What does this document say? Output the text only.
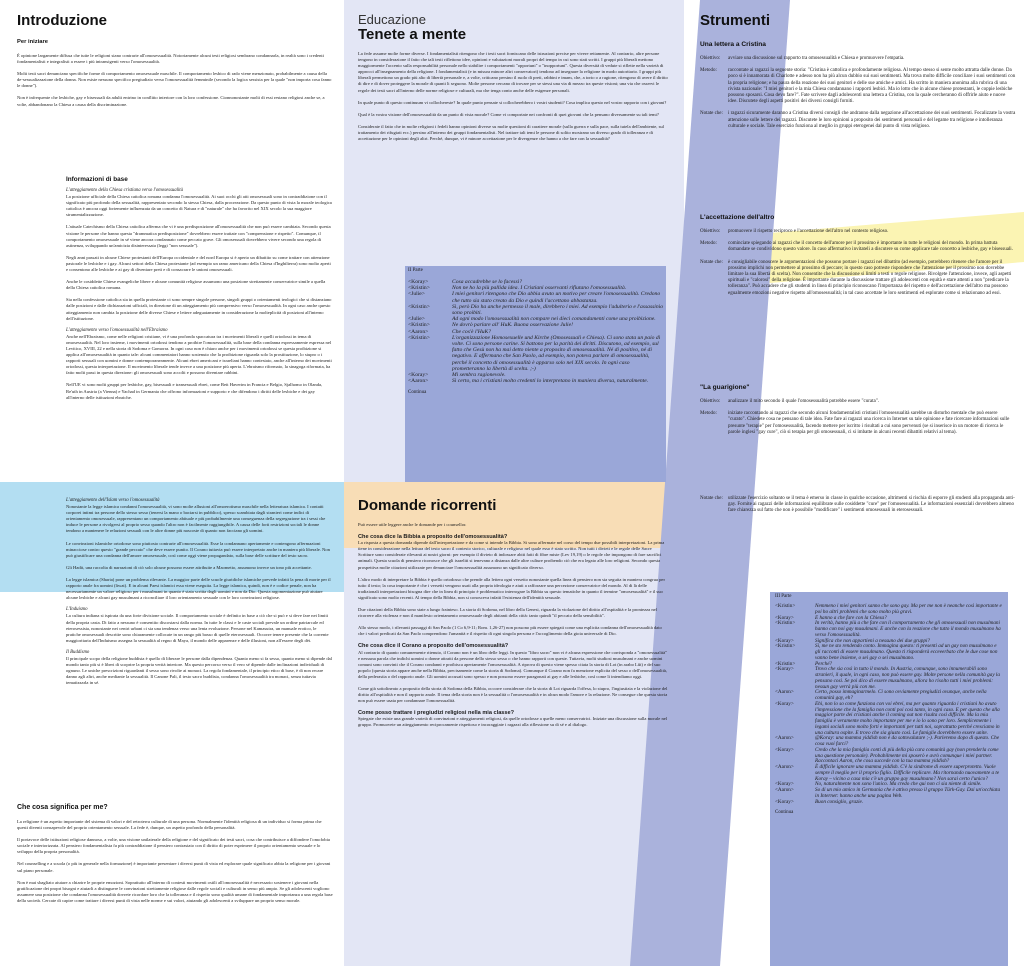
Introduzione
Per iniziare

È opinione largamente diffusa che tutte le religioni siano contrarie all'omosessualità. Notoriamente alcuni testi religiosi sembrano condannarla, in realtà sono i credenti fondamentalisti e integralisti a essere i più intransigenti verso l'omosessualità.

Molti testi sacri denunciano specifiche forme di comportamento omosessuale maschile. Il comportamento lesbico di rado viene menzionato, probabilmente a causa della de-sessualizzazione della donna. Non esiste nessuno specifico pregiudizio verso l'omosessualità femminile (secondo la logica sessista per la quale "non importa cosa fanno le donne").

Non è infrequente che lesbiche, gay e bisessuali da adulti entrino in conflitto interiore con la loro confessione. Cionnonostante molti di essi restano religiosi anche se, a volte, abbandonano la Chiesa a causa della discriminazione.

Informazioni di base
L'atteggiamento della Chiesa cristiana verso l'omosessualità

La posizione ufficiale della Chiesa cattolica romana condanna l'omosessualità. Ai suoi occhi gli atti omosessuali sono in contraddizione con il significato più profondo della sessualità, rappresentato secondo la stessa Chiesa, dalla procreazione. Da questo punto di vista la morale teologica cattolica è ancora oggi fortemente influenzata da un concetto di Natura e di "naturale" che ha favorito nel XIX secolo la sua maggiore strumentalizzazione.

L'attuale Catechismo della Chiesa cattolica afferma che vi è una predisposizione all'omosessualità che non può essere cambiata. Secondo questa visione le persone che hanno questa "drammatica predisposizione" dovrebbero essere trattate con "comprensione e rispetto". Comunque, il comportamento omosessuale in sé viene ancora condannato come peccato grave. Gli omosessuali dovrebbero vivere secondo una regola di astinenza, sviluppando un'amicizia disinteressata (leggi "non sessuale").

Negli anni passati in alcune Chiese protestanti dell'Europa occidentale e del nord Europa si è aperto un dibattito su come trattare con attenzione pastorale le lesbiche e i gay. Alcuni settori della Chiesa protestante (ad esempio un ramo americano della Chiesa d'Inghilterra) sono molto aperti e consentono alle lesbiche e ai gay di diventare preti e di consacrare le unioni omosessuali.

Anche le cosiddette Chiese evangeliche libere e alcune comunità religiose assumono una posizione strettamente conservatrice simile a quella della Chiesa cattolica romana.

Sia nella confessione cattolica sia in quella protestante ci sono sempre singole persone, singoli gruppi o orientamenti teologici che si distanziano dalle posizioni e dalle dichiarazioni ufficiali, in direzione di un atteggiamento più comprensivo verso l'omosessualità. In ogni caso anche questo atteggiamento non cambia la posizione delle diverse Chiese e lettere adeguatamente in considerazione la molteplicità di posizioni all'interno dell'istituzione.

L'atteggiamento verso l'omosessualità nell'Ebraismo

Anche nell'Ebraismo, come nelle religioni cristiane, vi è una profonda spaccatura tra i movimenti liberali e quelli ortodossi in tema di omosessualità. Nel loro insieme, i movimenti ortodossi tendono a proibire l'omosessualità, sulla base della condanna espressamente espressa nel Levitico, XVIII, 22 e nella storia di Sodoma e Gomorra. In ogni caso non è chiaro anche per i movimenti ortodossi se questa proibizione si applica all'omosessualità in quanto tale: alcuni commentatori hanno sostenuto che la proibizione riguarda solo la prostituzione, lo stupro o i rapporti sessuali con uomini e donne contemporaneamente. Alcuni ebrei americani e israeliani hanno contestato, anche all'interno dei movimenti ortodossi, questa interpretazione. Il movimento liberale tende invece a una posizione più aperta. L'ebraismo riformato, la sinagoga riformata, ha fatto molti passi in questa direzione: gli omosessuali sono accolti e possono diventare rabbini.

Nell'UE vi sono molti gruppi per lesbiche, gay, bisessuali e transessuali ebrei, come Beit Haverim in Francia e Belgio, Sjalhomo in Olanda, Re'uth in Austria (a Vienna) e Yachad in Germania che offrono informazioni e supporto e che difendono i diritti delle lesbiche e dei gay all'interno delle istituzioni ebraiche.

L'atteggiamento dell'Islam verso l'omosessualità

Nonostante la legge islamica condanni l'omosessualità, vi sono molte allusioni all'omoerotismo maschile nella letteratura islamica. I contatti corporei intimi tra persone dello stesso sesso (tenersi la mano o baciarsi in pubblico), spesso scambiata dagli stranieri come indici di orientamento omosessuale, rappresentano un comportamento abituale e più probabilmente una conseguenza della segregazione tra i sessi che induce le persone a rivolgersi al proprio sesso quando l'altro non è facilmente raggiungibile. A causa delle forti restrizioni sociali le donne tendono a mantenere le relazioni sessuali con le altre donne più nascoste di quanto non facciano gli uomini.

Le convinzioni islamiche ortodosse sono piuttosto contrarie all'omosessualità. Esse la condannano apertamente e contengono affermazioni minacciose contro questo "grande peccato" che deve essere punito. Il Corano tuttavia può essere interpretato anche in maniera più liberale. Non può giustificare una condanna dell'amore omosessuale, così come oggi viene propagandato, sulla base delle scritture del testo sacro.

Gli Hadit, una raccolta di narrazioni di ciò solo alcune possono essere attribuite a Maometto, assumono invece un tono più accettante.

La legge islamica (Sharia) pone un problema rilevante. La maggior parte delle scuole giuridiche islamiche prevede infatti la pena di morte per il rapporto anale fra uomini (liwat). E in alcuni Paesi islamici essa viene eseguita. La legge islamica, quindi, non è e codice penale, non ha necessariamente un valore religioso per i musulmani in quanto è stata scritta dagli uomini e non da Dio. Questa argomentazione può aiutare alcune lesbiche e alcuni gay musulmani a riconciliare il loro orientamento sessuale con le loro convinzioni religiose.

L'Induismo

La cultura indiana si ispirata da una forte divisione sociale. Il comportamento sociale è definito in base a ciò che si può e si deve fare nei limiti della propria casta. Di fatto a nessuno è consentito discostarsi dalla norma. In tutte le classi e le caste sociali prevale un ordine patriarcale ed eterosessista, nonostante nei centri urbani ci sia una tendenza verso una lenta evoluzione. Persone nel Kamasutra, un manuale erotico, le pratiche omosessuali descritte sono chiaramente collocate in un rango più basso di quelle eterosessuali. Occorre tenere presente che la corrente maggioritaria dell'Induismo assegna la sessualità al regno di Maya, il mondo delle apparenze e delle illusioni, non all'essere degli dèi.

Il Buddismo

Il principale scopo della religione buddista è quello di liberare le persone dalla dipendenza. Quanto meno si fa sesso, quanto meno si dipende dal mondo tanto più si è liberi di scoprire la propria verità interiore. Ma questo percorso verso il vero sé dipende dalle inclinazioni individuali di ognuno. Le uniche prescrizioni riguardanti il sesso sono rivolte ai monaci. La regola fondamentale, il principio etico di base, è di non recare danno agli altri, anche mediante la sessualità. Il Canone Pali, il testo sacro buddista, condanna l'omosessualità tra monaci, senza tuttavia tematizzarla in sé.

Che cosa significa per me?

La religione è un aspetto importante del sistema di valori e del retroterra culturale di una persona. Normalmente l'identità religiosa di un individuo si forma prima che questi diventi consapevole del proprio orientamento sessuale. La fede è, dunque, un aspetto profondo della personalità.

Il portavoce delle istituzioni religiose dannoso, a volte, una visione unilaterale della religione e del significato dei testi sacri, cosa che contribuisce a diffondere l'omofobia sociale e interiorizzata. Al pensiero fondamentalista fa più contraddizione il pensiero contrastato con il diritto di poter esprimere il proprio orientamento sessuale e lo sviluppo della propria personalità.

Nel counselling e a scuola (o più in generale nella formazione) è importante presentare i diversi punti di vista ed esplorare quale significato abbia la religione per i giovani sul piano personale.

Non è mai sbagliato aiutare a chiarire le proprie emozioni. Soprattutto all'interno di contesti movimenti ostili all'omosessualità è necessario sostenere i giovani nella gratificazione dei propri bisogni e aiutarli a distinguere le convinzioni strettamente religiose dalle regole sociali e culturali in senso più ampio. Se gli adolescenti vogliono assumere una posizione che condanna l'omosessualità dovrete ricordare loro che la tolleranza e il rispetto sono qualità umane di fondamentale importanza a una regola base della società. Cercate di capire come trattare i diversi punti di vista nelle norme e sui valori, aiutando gli adolescenti a sviluppare un proprio senso morale.

Educazione
Tenete a mente

La fede assume molte forme diverse. I fondamentalisti ritengono che i testi sacri forniscano delle istruzioni precise per vivere rettamente. Al contrario, altre persone tengono in considerazione il fatto che tali testi riflettono idee, opinioni e valutazioni morali propri del tempo in cui sono stati scritti. I gruppi più liberali mettono maggiormente l'accento sulla responsabilità personale nello stabilire i comportamenti "opportuni" o "inopportuni". Questa diversità di vedute si riflette nella varietà di approcci all'insegnamento della religione. I fondamentalisti (e in misura minore altri conservatori) tendono ad insegnare la religione in modo autoritario. I gruppi più liberali permettono un grado più alto di libertà personale e, a volte, criticano persino il ruolo di preti, rabbini e imam, che, a torto o a ragione, ritengono di avere il diritto di dire e di dover proteggere la morale di quanti li seguono. Molte persone cercano di trovare per se stessi una via di mezzo tra queste visioni; una via che osservi le regole dei testi sacri all'interno delle norme religiose e culturali, ma che tenga conto anche delle esigenze personali.

In quale punto di questo continuum vi collochereste? In quale punto pensate si collocherebbero i vostri studenti? Cosa implica questo nel vostro rapporto con i giovani?

Qual è la vostra visione dell'omosessualità da un punto di vista morale? Come vi comportate nei confronti di quei giovani che la pensano diversamente su tali temi?

Considerate il fatto che in molte religioni i fedeli hanno opinioni diverse su molte questioni di carattere morale (sulla guerra e sulla pace, sulla tutela dell'ambiente, sul trattamento dei rifugiati ecc.) persino all'interno dei gruppi fondamentalisti. Nel trattare tali temi le persone di solito mostrano un diverso grado di tolleranza e di accettazione per le opinioni degli altri. Perché, dunque, vi è minore accettazione per le divergenze che hanno a che fare con la sessualità?

II Parte
<Koray>	Cosa accadrebbe se lo facessi?
<Kristin>	Non ne ho la più pallida idea. I Cristiani osservanti rifiutano l'omosessualità.
<Julie>	I miei genitori ritengono che Dio abbia avuto un motivo per creare l'omosessualità. Credono che tutto sia stato creato da Dio e quindi l'accettano abbastanza.
<Kristin>	Sì, però Dio ha anche permesso il male, direbbero i miei. Ad esempio l'adulterio e l'assassinio sono proibiti.
<Julie>	Ad ogni modo l'omosessualità non compare nei dieci comandamenti come una proibizione.
<Kristin>	Ne dovrò parlare all' HuK. Buona osservazione Julie!
<Aaron>	Che cos'è l'HuK?
<Kristin>	L'organizzazione Homosexuelle und Kirche (Omosessuali e Chiesa). Ci sono stata un paio di volte. Ci sono persone carine. Si battono per la parità dei diritti. Discutono, ad esempio, sul fatto che Gesù non ha mai detto niente a proposito di omosessualità. Né di positivo, né di negativo. E affermano che San Paolo, ad esempio, non poteva parlare di omosessualità, perché il concetto di omosessualità è apparso solo nel XIX secolo. In ogni caso prometteranno la libertà di scelta. ;-)
<Koray>	Mi sembra ragionevole.
<Aaron>	Sì certo, ma i cristiani molto credenti lo interpretano in maniera diversa, naturalmente.
Continua
Domande ricorrenti

Può essere utile leggere anche le domande per i counsellor.

Che cosa dice la Bibbia a proposito dell'omosessualità?

La risposta a questa domanda dipende dall'interpretazione e da come si intende la Bibbia. Si sono affermate nel corso del tempo due possibili interpretazioni. La prima tiene in considerazione nella lettura del testo sacro il contesto storico, culturale e religioso nel quale esso è stato scritto. Non tutti i divieti e le regole delle Sacre Scritture sono considerate rilevanti ai nostri giorni: per esempio il divieto di indossare abiti fatti di fibre miste (Lev 19,19) o le regole che impongono di fare sacrifici animali. Questa scuola di pensiero riconosce che gli israeliti si tenevano a distanza dalle altre culture proibendo ciò che era legato alle loro religioni. Secondo questa prospettiva molte citazioni utilizzate per denunciare l'omosessualità assumono un significato diverso.

L'altro modo di interpretare la Bibbia è quello ortodosso che prende alla lettera ogni versetto nonostante quella linea di pensiero non sia seguita in maniera congrua per tutto il testo; la cosa importante è che i versetti vengono usati alla propria ideologia e aiuti a rafforzare una percezione conservatrice del mondo. Al di là delle tradizionali interpretazioni bisogna dire che in linea di principio è problematico interrogare la Bibbia su questo tematiche in quanto il termine "omosessualità" e il suo significato sono molto recenti. Al tempo della Bibbia, non si conosceva infatti l'esistenza dell'identità sessuale.

Due citazioni della Bibbia sono state a lungo frainteso. La storia di Sodoma, nel libro della Genesi, riguarda la violazione del diritto all'ospitalità e la prontezza nel ricorrere alla violenza e non il manifesto orientamento omosessuale degli abitanti della città: tanto quindi "il peccato della sensibilità".

Allo stesso modo, i rilevanti passaggi di San Paolo (1 Co 6,9-11; Rom. 1,26-27) non possono più essere spiegati come una esplicita condanna dell'omosessualità dato che i valori predicati da San Paolo comprendono l'umanità e il rispetto di ogni singola persona e l'accoglimento della gioia universale di Dio.

Che cosa dice il Corano a proposito dell'omosessualità?

Al contrario di quanto comunemente ritenuto, il Corano non è un libro delle leggi. In questo "libro sacro" non vi è alcuna espressione che corrisponda a "omosessualità" e nessuna parola che indichi uomini o donne attratti da persone dello stesso sesso o che hanno rapporti con queste. Tuttavia, molti studiosi musulmani e anche uomini comuni sono convinti che il Corano condanni e proibisca apertamente l'omosessualità. A riprova di questo viene spesso citata la storia di Lot (in arabo Lût) e del suo popolo (questa storia appare anche nella Bibbia, precisamente come la storia di Sodoma). Comunque il Corano non fa menzione esplicita del sesso o dell'omosessualità, della pederastia o del rapporto anale. Gli uomini accusati sono spesso e non possono essere paragonati ai gay e alle lesbiche, così come li intendiamo oggi.

Come già sottolineato a proposito della storia di Sodoma della Bibbia, occorre considerare che la storia di Lot riguarda l'offesa, lo stupro, l'ingiustizia e la violazione del diritto all'ospitalità e non il rapporto anale. Il tema della storia non è la sessualità o l'omosessualità e in alcun modo l'amore e la relazione. Ne consegue che questa storia non può essere usata per condannare l'omosessualità.

Come posso trattare i pregiudizi religiosi nella mia classe?

Spiegate che esiste una grande varietà di convinzioni e atteggiamenti religiosi, da quelle ortodosse a quelle meno conservatrici. Iniziate una discussione sulla morale nel gruppo. Promuovete un atteggiamento reciprocamente rispettoso e incoraggiate i ragazzi alla riflessione su di sé e al dialogo.

Strumenti
Una lettera a Cristina
Obiettivo:	avviare una discussione sul rapporto tra omosessualità e Chiesa e promuovere l'empatia.
Metodo:	raccontate ai ragazzi la seguente storia: "Cristina è cattolica e profondamente religiosa. Al tempo stesso si sente molto attratta dalle donne. Da poco si è innamorata di Charlotte e adesso non ha più alcun dubbio sui suoi sentimenti. Ma trova molto difficile conciliare i suoi sentimenti con la propria religione; e ha paura della reazione dei suoi genitori e delle sue amiche e amici. Ha scritto in maniera anonima alla rubrica di una rivista nazionale: "I miei genitori e la mia Chiesa condannano i rapporti lesbici. Ma io lotto che in alcune chiese protestanti, le coppie lesbiche possono sposarsi. Cosa devo fare?". Fate scrivere dagli adolescenti una lettera a Cristina, con la quale cercheranno di offrirle aiuto e nuove idee. Discutete degli aspetti positivi dei diversi consigli forniti.
Notate che:	i ragazzi sicuramente daranno a Cristina diversi consigli che andranno dalla negazione all'accettazione dei suoi sentimenti. Focalizzate la vostra attenzione sulle lettere dei ragazzi. Discutete le loro opinioni a proposito dei sentimenti personali e del legame tra religione e intolleranza culturale e sociale. Tale esercizio funziona al meglio in gruppi eterogenei dal punto di vista religioso.
L'accettazione dell'altro
Obiettivo:	promuovere il rispetto reciproco e l'accettazione dell'altro nel contesto religioso.
Metodo:	cominciate spiegando ai ragazzi che il concetto dell'amore per il prossimo è importante in tutte le religioni del mondo. In prima battuta domandate se condividono questo valore. In caso affermativo invitateli a discutere su come applicare tale concetto a lesbiche, gay e bisessuali.
Notate che:	è consigliabile conoscere le argomentazioni che possono portare i ragazzi nel dibattito (ad esempio, potrebbero ritenere che l'amore per il prossimo implichi non permettere al prossimo di peccare; in questo caso potreste rispondere che l'attenzione per il prossimo non dovrebbe limitare la sua libertà di scelta). Non consentite che la discussione si limiti a testi o regole religiose. Rivolgete l'attenzione, invece, agli aspetti spirituali e "calorosi" della religione. È importante durante la discussione trattare gli adolescenti con equità e stare attenti a non "predicare la tolleranza". Può accadere che gli studenti in linea di principio riconoscano l'importanza del rispetto e dell'accettazione dell'altro ma possono egualmente emozioni negative rispetto all'omosessualità; in tal caso accettate le loro sentimenti ed esplorate come si relazionano ad essi.
"La guarigione"
Obiettivo:	analizzare il mito secondo il quale l'omosessualità potrebbe essere "curata".
Metodo:	iniziate raccontando ai ragazzi che secondo alcuni fondamentalisti cristiani l'omosessualità sarebbe un disturbo mentale che può essere "curato". Chiedete cosa ne pensano di tale idea. Fate fare ai ragazzi una ricerca in Internet su tale opinione e fate ricercare informazioni sulle presunte "terapie" per l'omosessualità, facendo mettere per iscritto i risultati a cui sono pervenuti (se si inserisce in un motore di ricerca le parole inglesi "gay cure", ciò si terapia per gli omosessuali, ci si imbatte in alcuni recenti dibattiti relativi al tema).
Notate che:	utilizzate l'esercizio soltanto se il tema è emerso in classe in qualche occasione, altrimenti si rischia di esporre gli studenti alla propaganda anti-gay. Fornite ai ragazzi delle informazioni equilibrate sulle cosiddette "cure" per l'omosessualità. Le informazioni essenziali dovrebbero almeno fare chiarezza sul fatto che non è possibile "modificare" i sentimenti omosessuali in eterosessuali.
III Parte
<Kristin>	Nemmeno i miei genitori sanno che sono gay. Ma per me non è neanche così importante e poi ho altri problemi che sono molto più gravi.
<Koray>	E hanno a che fare con la Chiesa?
<Kristin>	In verità, hanno più a che fare con il comportamento che gli omosessuali non musulmani hanno con noi gay musulmani. E anche con la reazione che tutto il mondo musulmano ha verso l'omosessualità.
<Koray>	Significa che non appartieni a nessuno dei due gruppi?
<Kristin>	Sì, me ne sto rendendo conto. Immagina questo: ti presenti ad un gay non musulmano e gli racconti di essere musulmano. Questo ti risponderà ecceeerbato che le due cose non vanno bene insieme, o sei gay o sei musulmano.
<Kristin>	Perché?
<Koray>	Trovo che sia così in tutto il mondo. In Austria, comunque, sono innumerabili sono stranieri, il quale, in ogni caso, non può essere gay. Molte persone nella comunità gay la pensano così. Se poi dico di essere musulmano, allora ho risolto tutti i miei problemi: nessun gay verrà più con me.
<Aaron>	Certo, posso immaginarmelo. Ci sono ovviamente pregiudizi ovunque, anche nella comunità gay, eh?
<Koray>	Ehi, non lo so come funziona con voi ebrei, ma per quanto riguarda i cristiani ho avuto l'impressione che la famiglia non conti poi così tanto, in ogni caso. E per questo che alla maggior parte dei cristiani anche il coming out non risulta così difficile. Ma la mia famiglia è veramente molto importante per me e io lo sono per loro. Semplicemente i legami sociali sono molto forti e importanti per tutti noi, soprattutto perché cresciamo in una cultura ospite. E trovo che sia giusto così. Le famiglie dovrebbero essere unite.
<Aaron>	@Koray: una mamma yiddish non è da sottovalutare ;-). Parleremo dopo di questo. Che cosa vuoi farci?
<Koray>	Credo che la mia famiglia conti di più della più cara comunità gay (non prenderla come una questione personale). Probabilmente mi sposerò e avrò comunque i miei partner. Raccontaci Aaron, che cosa succede con la tua mamma yiddish?
<Aaron>	È difficile ignorare una mamma yiddish. C'è la sindrome di essere superprotetto. Vuole sempre il meglio per il proprio figlio. Difficile replicare. Ma ritornando nuovamente a te Koray – vicino a casa mia c'è un gruppo gay musulmano? Non sarai certo l'unico?
<Koray>	No, naturalmente non sono l'unico. Ma credo che qui non ci sia niente di simile.
<Aaron>	So di un mio amico in Germania che è attivo presso il gruppo Türk-Gay. Dai un'occhiata in Internet: hanno anche una pagina Web.
<Koray>	Buon consiglio, grazie.
Continua
